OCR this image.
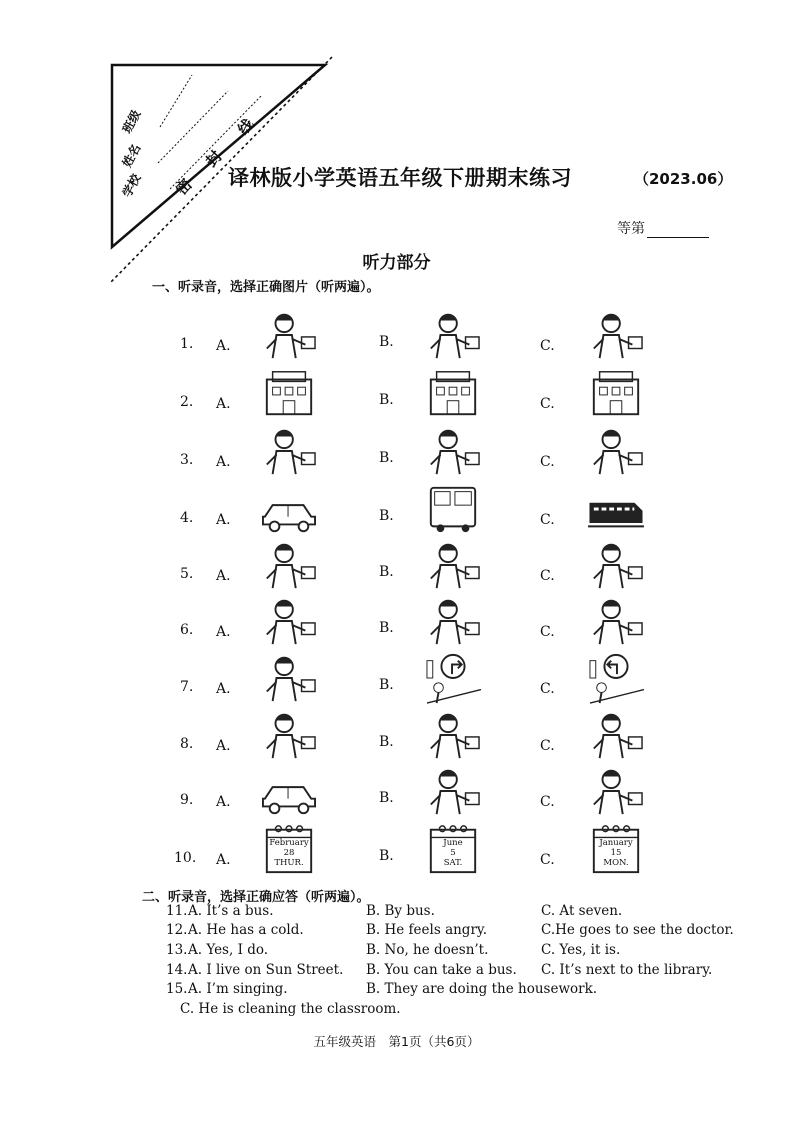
班级
姓名
学校 密
封
线
译林版小学英语五年级下册期末练习	（2023.06）
等第
听力部分
一、听录音，选择正确图片（听两遍）。
1. A.	B.	C.
2. A.	B.	C.
3. A.	B.	C.
4. A.	B.	C.
5. A.	B.	C.
6. A.	B.	C.
7. A.	B.	C.
8. A.	B.	C.
9. A.	B.	C.
10. A.
February
28
THUR.	B.
June
5
SAT.	C.
January
15
MON.
二、听录音，选择正确应答（听两遍）。
11. A. It’s a bus.	B. By bus.	C. At seven.
12. A. He has a cold.	B. He feels angry.	C.He goes to see the doctor.
13. A. Yes, I do.	B. No, he doesn’t.	C. Yes, it is.
14. A. I live on Sun Street. B. You can take a bus. C. It’s next to the library.
15. A. I’m singing.	B. They are doing the housework.
C. He is cleaning the classroom.
五年级英语　第1页（共6页）
